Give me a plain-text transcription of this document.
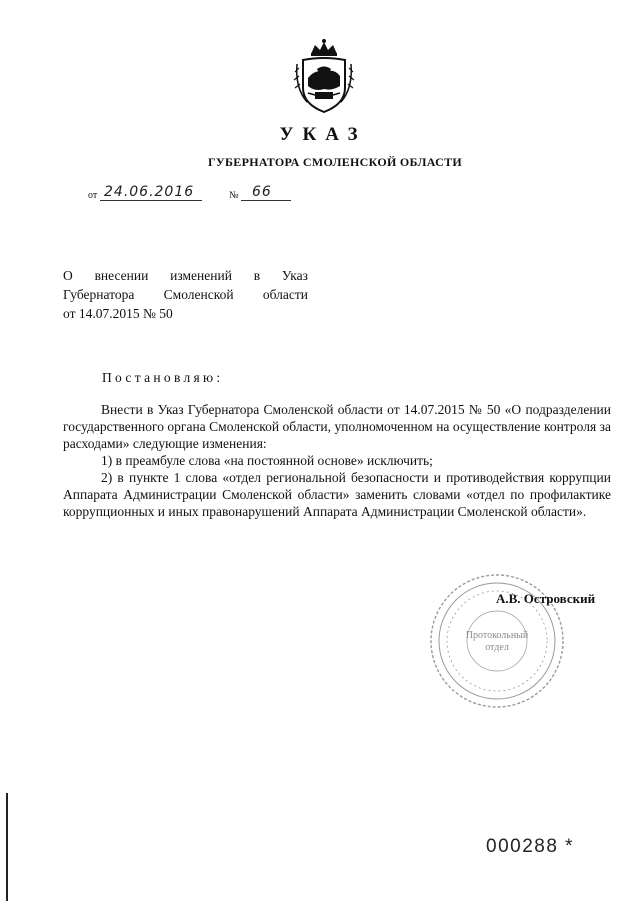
УКАЗ
ГУБЕРНАТОРА СМОЛЕНСКОЙ ОБЛАСТИ
от 24.06.2016	№ 66
О внесении изменений в Указ
Губернатора Смоленской области
от 14.07.2015 № 50
Постановляю:

Внести в Указ Губернатора Смоленской области от 14.07.2015 № 50 «О подразделении государственного органа Смоленской области, уполномоченном на осуществление контроля за расходами» следующие изменения:

1) в преамбуле слова «на постоянной основе» исключить;

2) в пункте 1 слова «отдел региональной безопасности и противодействия коррупции Аппарата Администрации Смоленской области» заменить словами «отдел по профилактике коррупционных и иных правонарушений Аппарата Администрации Смоленской области».

Протокольный
отдел
А.В. Островский
000288 *
